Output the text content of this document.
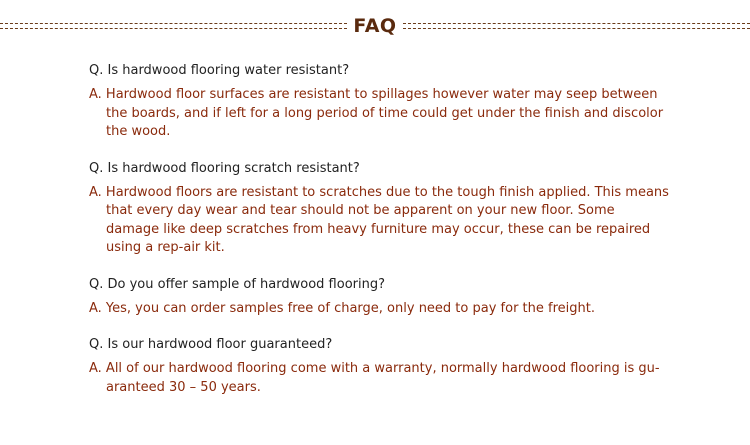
FAQ

Q. Is hardwood flooring water resistant?

A. Hardwood floor surfaces are resistant to spillages however water may seep between the boards, and if left for a long period of time could get under the finish and discolor the wood.

Q. Is hardwood flooring scratch resistant?

A. Hardwood floors are resistant to scratches due to the tough finish applied. This means that every day wear and tear should not be apparent on your new floor. Some damage like deep scratches from heavy furniture may occur, these can be repaired using a rep-air kit.

Q. Do you offer sample of hardwood flooring?

A. Yes, you can order samples free of charge, only need to pay for the freight.

Q. Is our hardwood floor guaranteed?

A. All of our hardwood flooring come with a warranty, normally hardwood flooring is gu-aranteed 30 – 50 years.
